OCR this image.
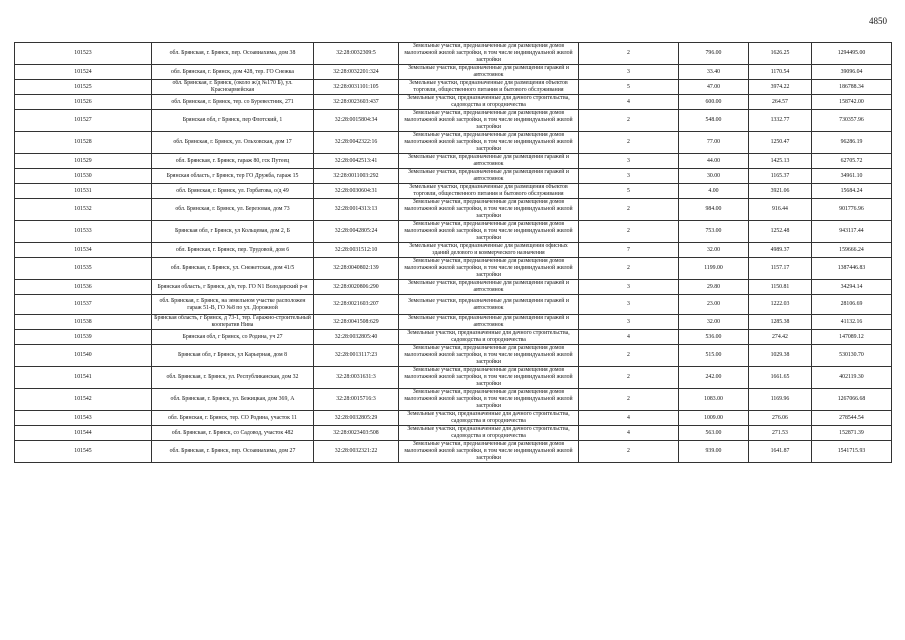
4850
101523	обл. Брянская, г. Брянск, пер. Осоавиахима, дом 38	32:28:0032309:5	Земельные участки, предназначенные для размещения домов малоэтажной жилой застройки, в том числе индивидуальной жилой застройки	2	796.00	1626.25	1294495.00
101524	обл. Брянская, г. Брянск, дом 428, тер. ГО Снежка	32:28:0032201:324	Земельные участки, предназначенные для размещения гаражей и автостоянок	3	33.40	1170.54	39096.04
101525	обл. Брянская, г. Брянск, (около ж/д №170 Б), ул. Красноармейская	32:28:0031101:105	Земельные участки, предназначенные для размещения объектов торговли, общественного питания и бытового обслуживания	5	47.00	3974.22	186788.34
101526	обл. Брянская, г. Брянск, тер. со Буревестник, 271	32:28:0023603:437	Земельные участки, предназначенные для дачного строительства, садоводства и огородничества	4	600.00	264.57	158742.00
101527	Брянская обл, г Брянск, пер Флотский, 1	32:28:0015804:34	Земельные участки, предназначенные для размещения домов малоэтажной жилой застройки, в том числе индивидуальной жилой застройки	2	548.00	1332.77	730357.96
101528	обл. Брянская, г. Брянск, ул. Ольховская, дом 17	32:28:0042322:16	Земельные участки, предназначенные для размещения домов малоэтажной жилой застройки, в том числе индивидуальной жилой застройки	2	77.00	1250.47	96286.19
101529	обл. Брянская, г. Брянск, гараж 80, гск Путеец	32:28:0042513:41	Земельные участки, предназначенные для размещения гаражей и автостоянок	3	44.00	1425.13	62705.72
101530	Брянская область, г Брянск, тер ГО Дружба, гараж 15	32:28:0011003:292	Земельные участки, предназначенные для размещения гаражей и автостоянок	3	30.00	1165.37	34961.10
101531	обл. Брянская, г. Брянск, ул. Горбатова, о/д 49	32:28:0030604:31	Земельные участки, предназначенные для размещения объектов торговли, общественного питания и бытового обслуживания	5	4.00	3921.06	15684.24
101532	обл. Брянская, г. Брянск, ул. Березовая, дом 73	32:28:0014313:13	Земельные участки, предназначенные для размещения домов малоэтажной жилой застройки, в том числе индивидуальной жилой застройки	2	984.00	916.44	901776.96
101533	Брянская обл, г Брянск, ул Кольцевая, дом 2, Б	32:28:0042805:24	Земельные участки, предназначенные для размещения домов малоэтажной жилой застройки, в том числе индивидуальной жилой застройки	2	753.00	1252.48	943117.44
101534	обл. Брянская, г. Брянск, пер. Трудовой, дом 6	32:28:0031512:10	Земельные участки, предназначенные для размещения офисных зданий делового и коммерческого назначения	7	32.00	4989.37	159666.24
101535	обл. Брянская, г. Брянск, ул. Снежетская, дом 41/5	32:28:0040802:139	Земельные участки, предназначенные для размещения домов малоэтажной жилой застройки, в том числе индивидуальной жилой застройки	2	1199.00	1157.17	1387446.83
101536	Брянская область, г Брянск, д/в, тер. ГО N1 Володарский р-н	32:28:0020806:290	Земельные участки, предназначенные для размещения гаражей и автостоянок	3	29.80	1150.81	34294.14
101537	обл. Брянская, г. Брянск, на земельном участке расположен гараж 51-В, ГО №8 по ул. Дорожной	32:28:0021603:207	Земельные участки, предназначенные для размещения гаражей и автостоянок	3	23.00	1222.03	28106.69
101538	Брянская область, г Брянск, д 73-1, тер. Гаражно-строительный кооператив Нива	32:28:0041508:629	Земельные участки, предназначенные для размещения гаражей и автостоянок	3	32.00	1285.38	41132.16
101539	Брянская обл, г Брянск, со Родина, уч 27	32:28:0032805:40	Земельные участки, предназначенные для дачного строительства, садоводства и огородничества	4	536.00	274.42	147089.12
101540	Брянская обл, г Брянск, ул Карьерная, дом 8	32:28:0013117:23	Земельные участки, предназначенные для размещения домов малоэтажной жилой застройки, в том числе индивидуальной жилой застройки	2	515.00	1029.38	530130.70
101541	обл. Брянская, г. Брянск, ул. Республиканская, дом 32	32:28:0031631:3	Земельные участки, предназначенные для размещения домов малоэтажной жилой застройки, в том числе индивидуальной жилой застройки	2	242.00	1661.65	402119.30
101542	обл. Брянская, г. Брянск, ул. Бежицкая, дом 369, А	32:28:0015716:3	Земельные участки, предназначенные для размещения домов малоэтажной жилой застройки, в том числе индивидуальной жилой застройки	2	1083.00	1169.96	1267066.68
101543	обл. Брянская, г. Брянск, тер. СО Родина, участок 11	32:28:0032805:29	Земельные участки, предназначенные для дачного строительства, садоводства и огородничества	4	1009.00	276.06	278544.54
101544	обл. Брянская, г. Брянск, со Садовод, участок 482	32:28:0023403:508	Земельные участки, предназначенные для дачного строительства, садоводства и огородничества	4	563.00	271.53	152871.39
101545	обл. Брянская, г. Брянск, пер. Осоавиахима, дом 27	32:28:0032321:22	Земельные участки, предназначенные для размещения домов малоэтажной жилой застройки, в том числе индивидуальной жилой застройки	2	939.00	1641.87	1541715.93
